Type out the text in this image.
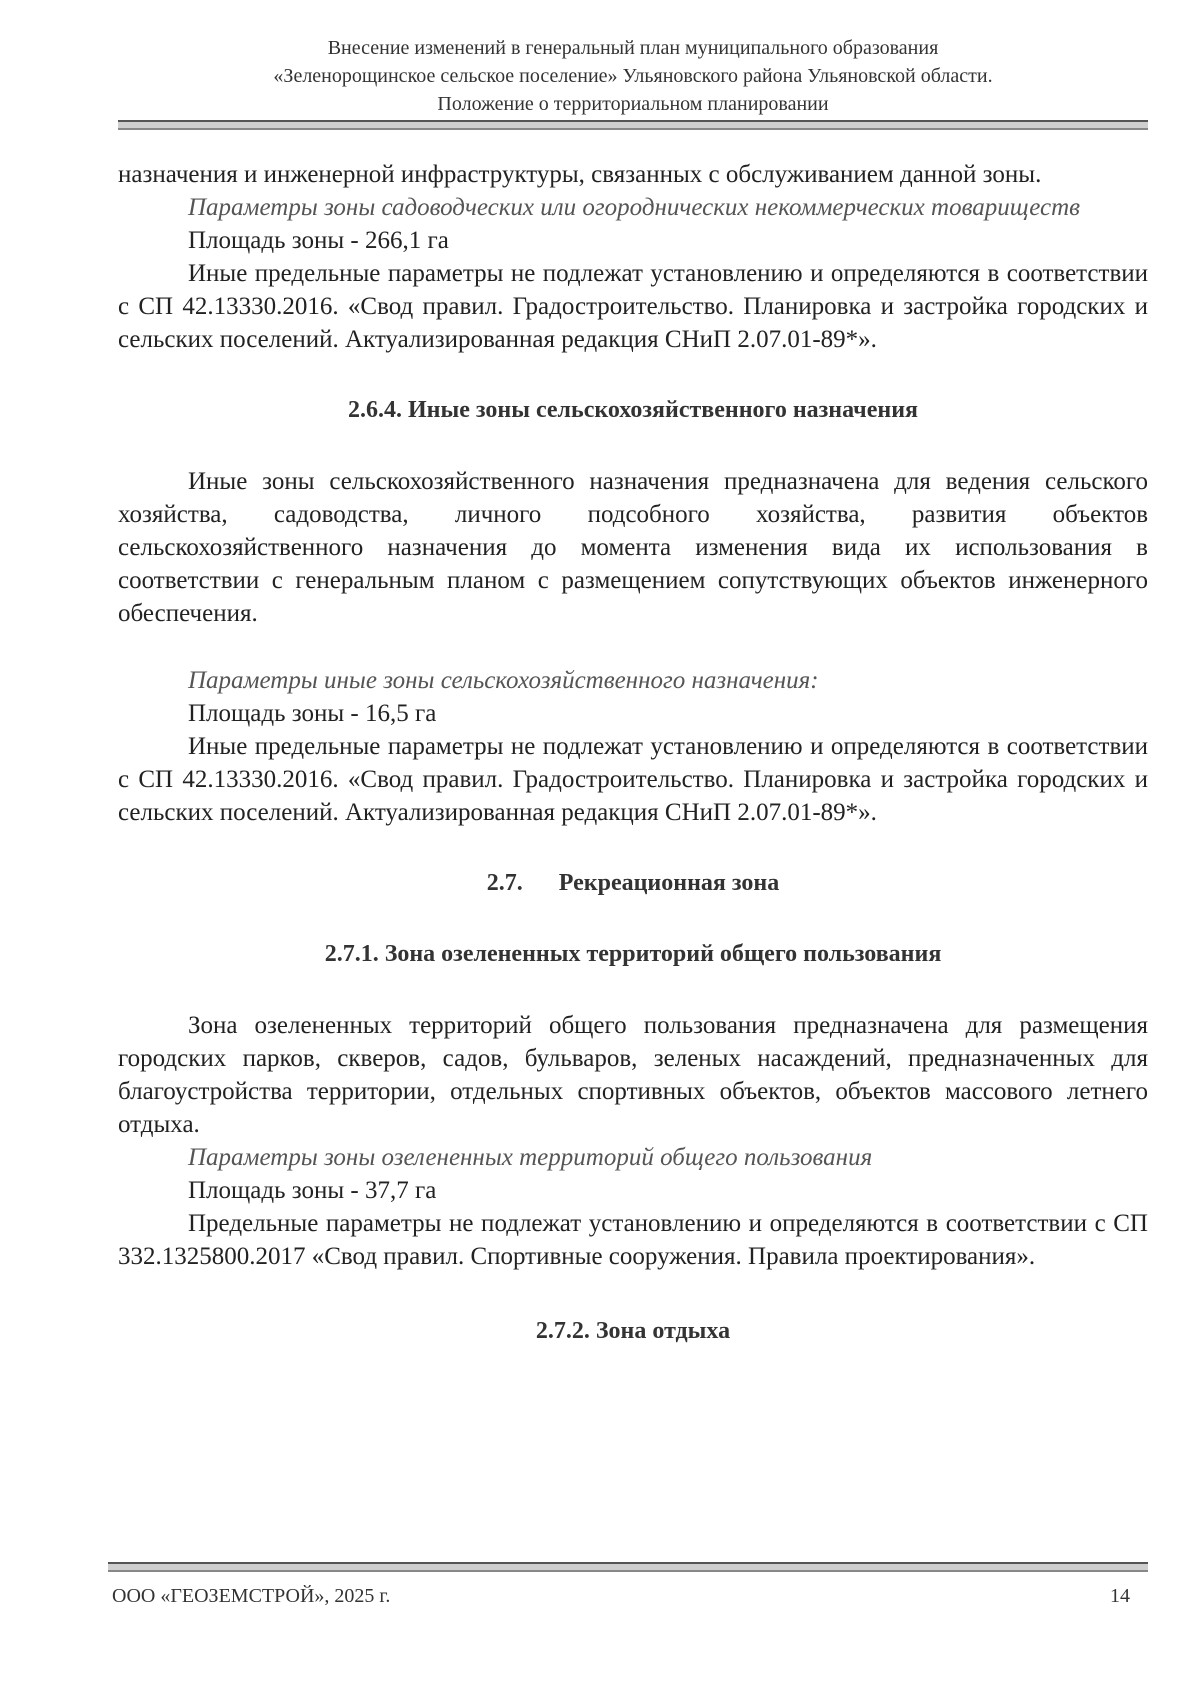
Внесение изменений в генеральный план муниципального образования
«Зеленорощинское сельское поселение» Ульяновского района Ульяновской области.
Положение о территориальном планировании

назначения и инженерной инфраструктуры, связанных с обслуживанием данной зоны.

Параметры зоны садоводческих или огороднических некоммерческих товариществ

Площадь зоны - 266,1 га

Иные предельные параметры не подлежат установлению и определяются в соответствии с СП 42.13330.2016. «Свод правил. Градостроительство. Планировка и застройка городских и сельских поселений. Актуализированная редакция СНиП 2.07.01-89*».

2.6.4. Иные зоны сельскохозяйственного назначения

Иные зоны сельскохозяйственного назначения предназначена для ведения сельского хозяйства, садоводства, личного подсобного хозяйства, развития объектов сельскохозяйственного назначения до момента изменения вида их использования в соответствии с генеральным планом с размещением сопутствующих объектов инженерного обеспечения.

Параметры иные зоны сельскохозяйственного назначения:

Площадь зоны - 16,5 га

Иные предельные параметры не подлежат установлению и определяются в соответствии с СП 42.13330.2016. «Свод правил. Градостроительство. Планировка и застройка городских и сельских поселений. Актуализированная редакция СНиП 2.07.01-89*».

2.7. Рекреационная зона
2.7.1. Зона озелененных территорий общего пользования

Зона озелененных территорий общего пользования предназначена для размещения городских парков, скверов, садов, бульваров, зеленых насаждений, предназначенных для благоустройства территории, отдельных спортивных объектов, объектов массового летнего отдыха.

Параметры зоны озелененных территорий общего пользования

Площадь зоны - 37,7 га

Предельные параметры не подлежат установлению и определяются в соответствии с СП 332.1325800.2017 «Свод правил. Спортивные сооружения. Правила проектирования».

2.7.2. Зона отдыха
ООО «ГЕОЗЕМСТРОЙ», 2025 г.	14
